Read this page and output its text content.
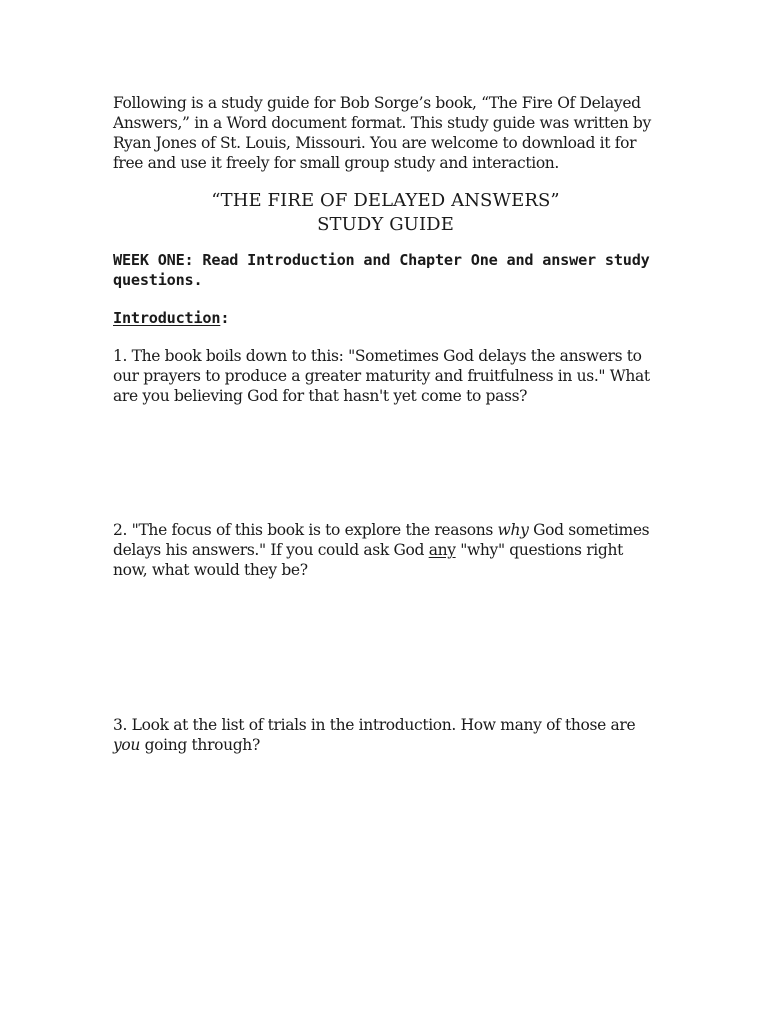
Following is a study guide for Bob Sorge’s book, “The Fire Of Delayed Answers,” in a Word document format. This study guide was written by Ryan Jones of St. Louis, Missouri. You are welcome to download it for free and use it freely for small group study and interaction.

“THE FIRE OF DELAYED ANSWERS”
STUDY GUIDE
WEEK ONE: Read Introduction and Chapter One and answer study questions.
Introduction:

1. The book boils down to this: "Sometimes God delays the answers to our prayers to produce a greater maturity and fruitfulness in us." What are you believing God for that hasn't yet come to pass?

2. "The focus of this book is to explore the reasons why God sometimes delays his answers." If you could ask God any "why" questions right now, what would they be?

3. Look at the list of trials in the introduction. How many of those are you going through?
